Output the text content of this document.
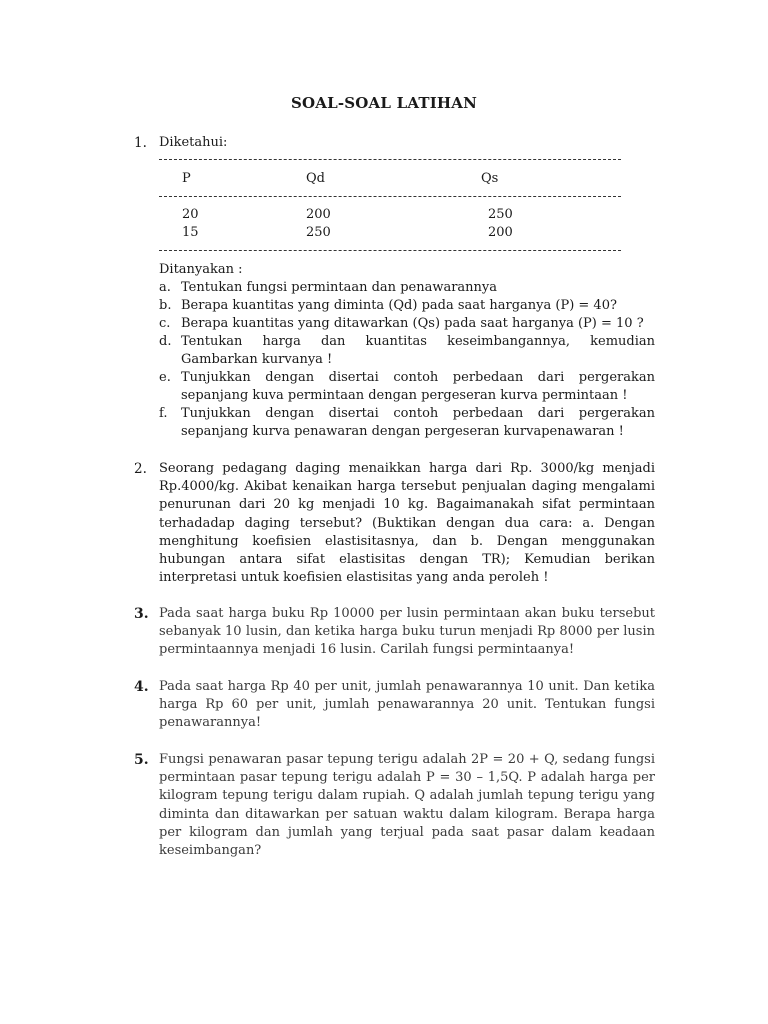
SOAL-SOAL LATIHAN
1. Diketahui:
P	Qd	Qs
20	200	250
15	250	200
Ditanyakan :
a. Tentukan fungsi permintaan dan penawarannya
b. Berapa kuantitas yang diminta (Qd) pada saat harganya (P) = 40?
c. Berapa kuantitas yang ditawarkan (Qs) pada saat harganya (P) = 10 ?
d. Tentukan harga dan kuantitas keseimbangannya, kemudian Gambarkan kurvanya !
e. Tunjukkan dengan disertai contoh perbedaan dari pergerakan sepanjang kuva permintaan dengan pergeseran kurva permintaan !
f. Tunjukkan dengan disertai contoh perbedaan dari pergerakan sepanjang kurva penawaran dengan pergeseran kurvapenawaran !
2. Seorang pedagang daging menaikkan harga dari Rp. 3000/kg menjadi Rp.4000/kg. Akibat kenaikan harga tersebut penjualan daging mengalami penurunan dari 20 kg menjadi 10 kg. Bagaimanakah sifat permintaan terhadadap daging tersebut? (Buktikan dengan dua cara: a. Dengan menghitung koefisien elastisitasnya, dan b. Dengan menggunakan hubungan antara sifat elastisitas dengan TR); Kemudian berikan interpretasi untuk koefisien elastisitas yang anda peroleh !
3. Pada saat harga buku Rp 10000 per lusin permintaan akan buku tersebut sebanyak 10 lusin, dan ketika harga buku turun menjadi Rp 8000 per lusin permintaannya menjadi 16 lusin. Carilah fungsi permintaanya!
4. Pada saat harga Rp 40 per unit, jumlah penawarannya 10 unit. Dan ketika harga Rp 60 per unit, jumlah penawarannya 20 unit. Tentukan fungsi penawarannya!
5. Fungsi penawaran pasar tepung terigu adalah 2P = 20 + Q, sedang fungsi permintaan pasar tepung terigu adalah P = 30 – 1,5Q. P adalah harga per kilogram tepung terigu dalam rupiah. Q adalah jumlah tepung terigu yang diminta dan ditawarkan per satuan waktu dalam kilogram. Berapa harga per kilogram dan jumlah yang terjual pada saat pasar dalam keadaan keseimbangan?
